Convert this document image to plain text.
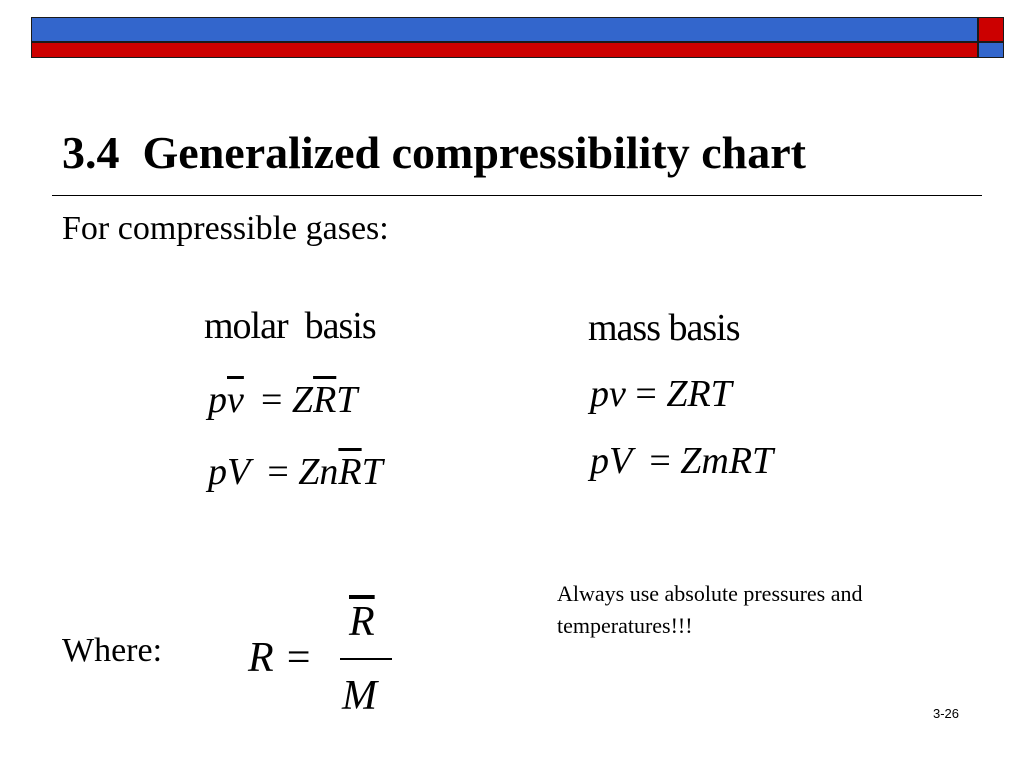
3.4  Generalized compressibility chart
For compressible gases:
molar  basis
$p\overline{v} = Z\overline{R}T$
pV  = $Zn\overline{R}T$
mass basis
pv = ZRT
pV  = ZmRT
Always use absolute pressures and temperatures!!!
Where: R =
$\overline{R}$
M	3-26
